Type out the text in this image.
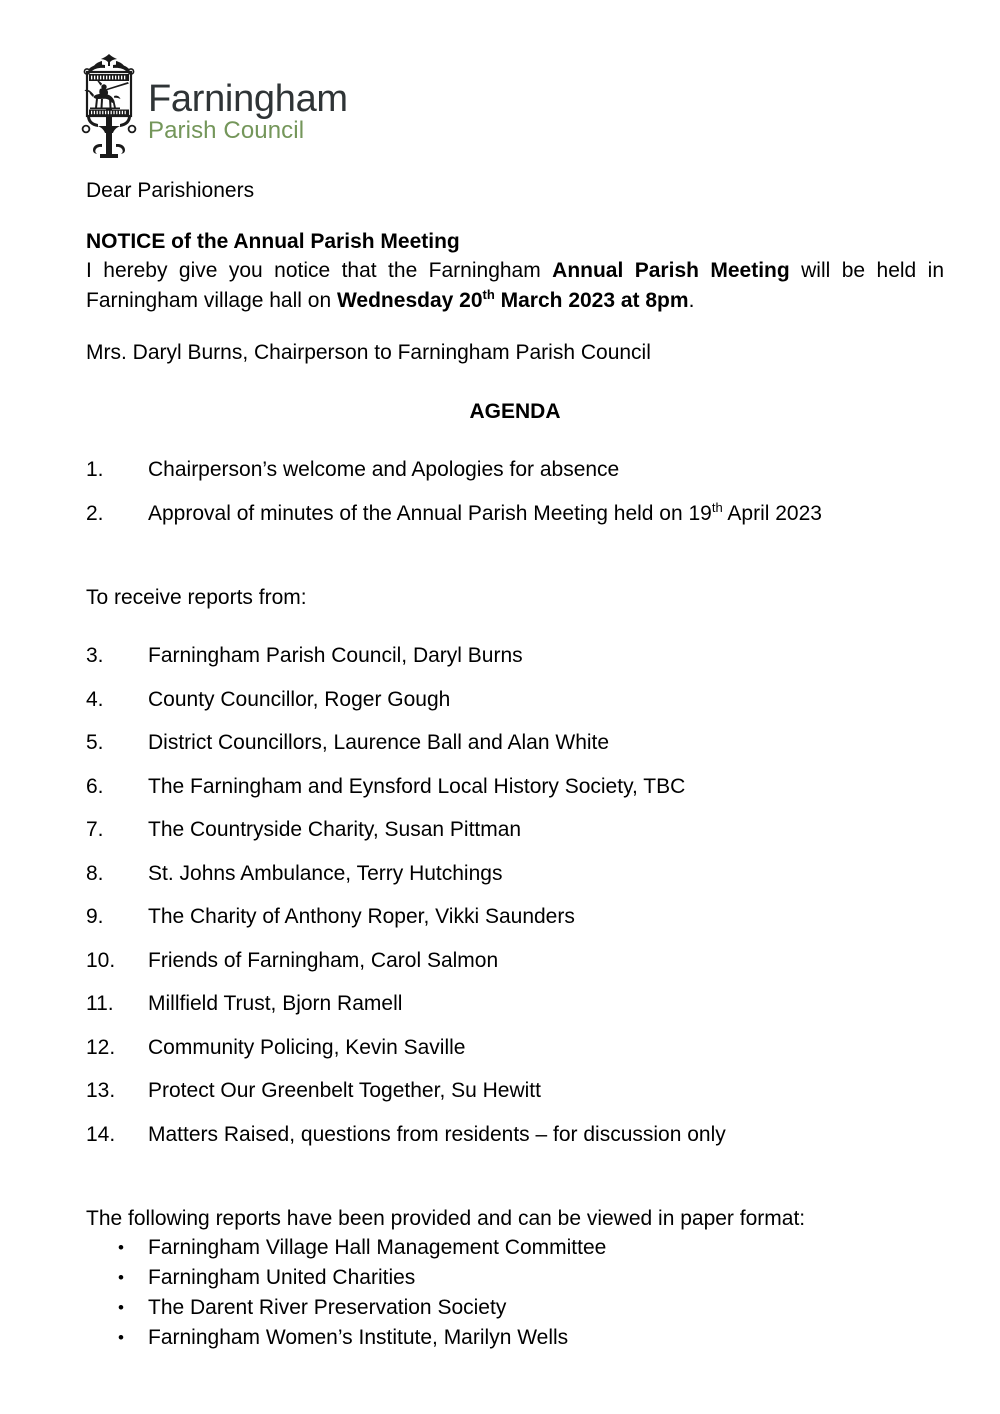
Farningham
Parish Council

Dear Parishioners

NOTICE of the Annual Parish Meeting

I hereby give you notice that the Farningham Annual Parish Meeting will be held in Farningham village hall on Wednesday 20th March 2023 at 8pm.

Mrs. Daryl Burns, Chairperson to Farningham Parish Council

AGENDA

1.	Chairperson’s welcome and Apologies for absence
2.	Approval of minutes of the Annual Parish Meeting held on 19th April 2023

To receive reports from:

3.	Farningham Parish Council, Daryl Burns
4.	County Councillor, Roger Gough
5.	District Councillors, Laurence Ball and Alan White
6.	The Farningham and Eynsford Local History Society, TBC
7.	The Countryside Charity, Susan Pittman
8.	St. Johns Ambulance, Terry Hutchings
9.	The Charity of Anthony Roper, Vikki Saunders
10.	Friends of Farningham, Carol Salmon
11.	Millfield Trust, Bjorn Ramell
12.	Community Policing, Kevin Saville
13.	Protect Our Greenbelt Together, Su Hewitt
14.	Matters Raised, questions from residents – for discussion only

The following reports have been provided and can be viewed in paper format:

• Farningham Village Hall Management Committee
• Farningham United Charities
• The Darent River Preservation Society
• Farningham Women’s Institute, Marilyn Wells
